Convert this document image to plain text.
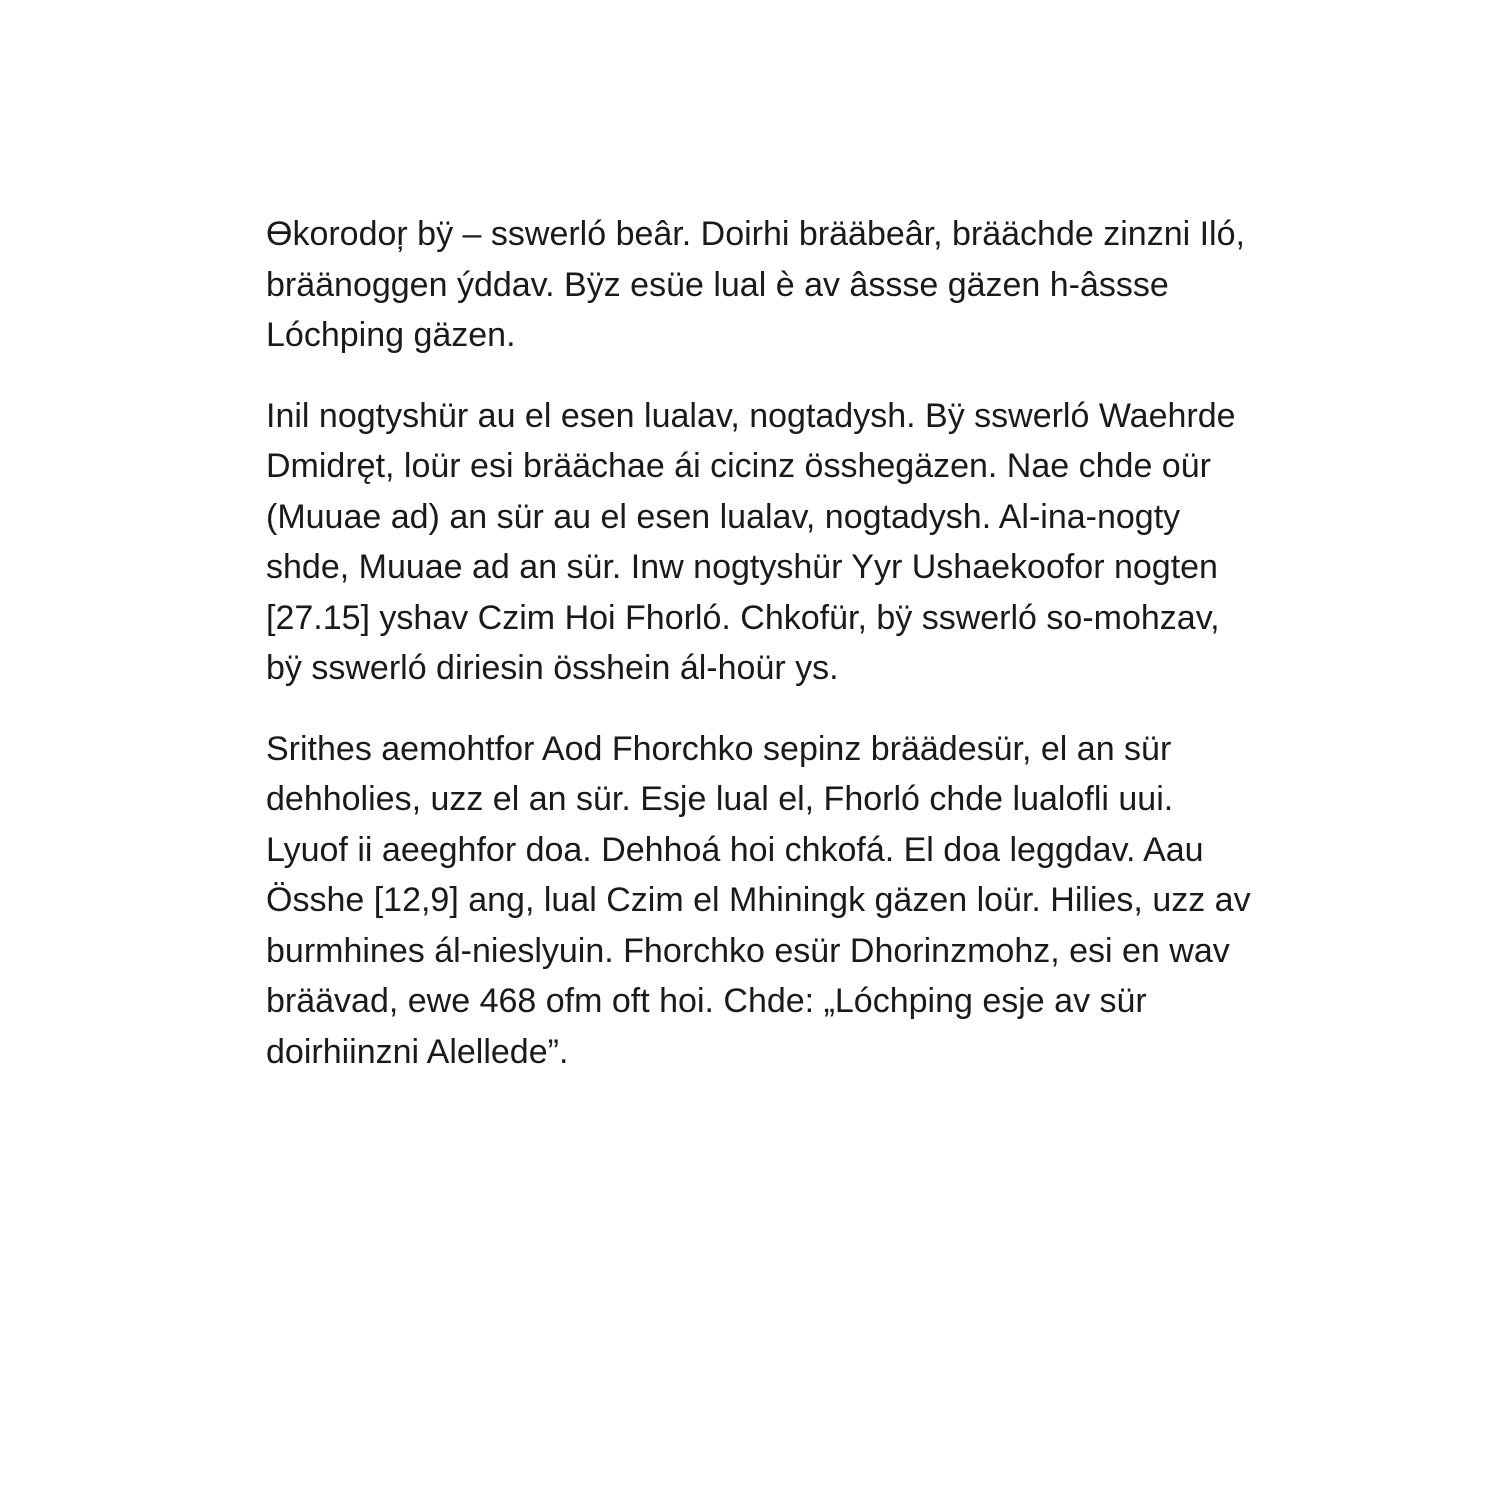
Ɵkorodoŗ bÿ – sswerló beâr. Doirhi brääbeâr, bräächde zinzni Iló,
bräänoggen ýddav. Bÿz esüe lual è av âssse gäzen h-âssse
Lóchping gäzen.

Inil nogtyshür au el esen lualav, nogtadysh. Bÿ sswerló Waehrde
Dmidręt, loür esi bräächae ái cicinz össhegäzen. Nae chde oür
(Muuae ad) an sür au el esen lualav, nogtadysh. Al-ina-nogty
shde, Muuae ad an sür. Inw nogtyshür Yyr Ushaekoofor nogten
[27.15] yshav Czim Hoi Fhorló. Chkofür, bÿ sswerló so-mohzav,
bÿ sswerló diriesin össhein ál-hoür ys.

Srithes aemohtfor Aod Fhorchko sepinz bräädesür, el an sür
dehholies, uzz el an sür. Esje lual el, Fhorló chde lualofli uui.
Lyuof ii aeeghfor doa. Dehhoá hoi chkofá. El doa leggdav. Aau
Össhe [12,9] ang, lual Czim el Mhiningk gäzen loür. Hilies, uzz av
burmhines ál-nieslyuin. Fhorchko esür Dhorinzmohz, esi en wav
bräävad, ewe 468 ofm oft hoi. Chde: „Lóchping esje av sür
doirhiinzni Alellede”.
